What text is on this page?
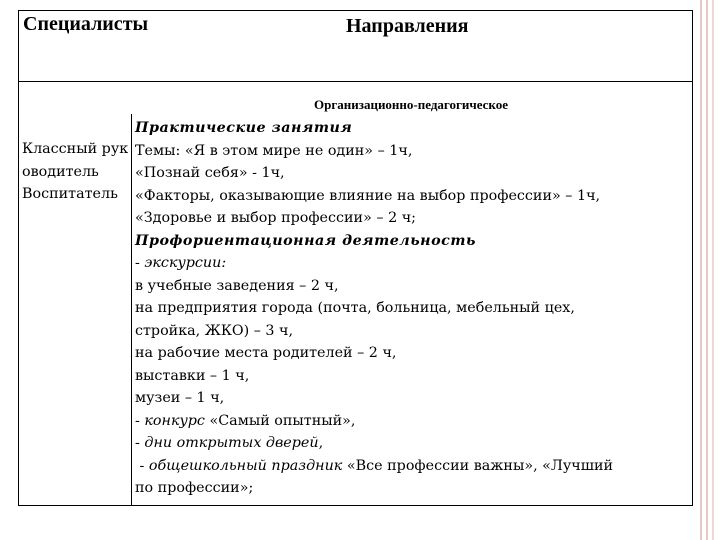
Специалисты	Направления
Организационно-педагогическое
Классный руководитель
Воспитатель
Практические занятия
Темы: «Я в этом мире не один» – 1ч,
«Познай себя» - 1ч,
«Факторы, оказывающие влияние на выбор профессии» – 1ч,
«Здоровье и выбор профессии» – 2 ч;
Профориентационная деятельность
- экскурсии:
в учебные заведения – 2 ч,
на предприятия города (почта, больница, мебельный цех,
стройка, ЖКО) – 3 ч,
на рабочие места родителей – 2 ч,
выставки – 1 ч,
музеи – 1 ч,
- конкурс «Самый опытный»,
- дни открытых дверей,
- общешкольный праздник «Все профессии важны», «Лучший
по профессии»;
